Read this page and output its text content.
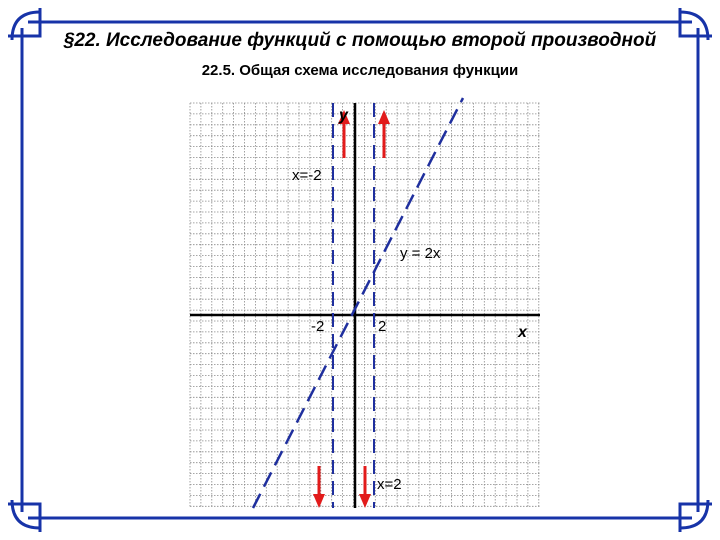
§22. Исследование функций с помощью второй производной
22.5. Общая схема исследования функции
y
x
x=-2
y = 2x
-2	2
x=2
